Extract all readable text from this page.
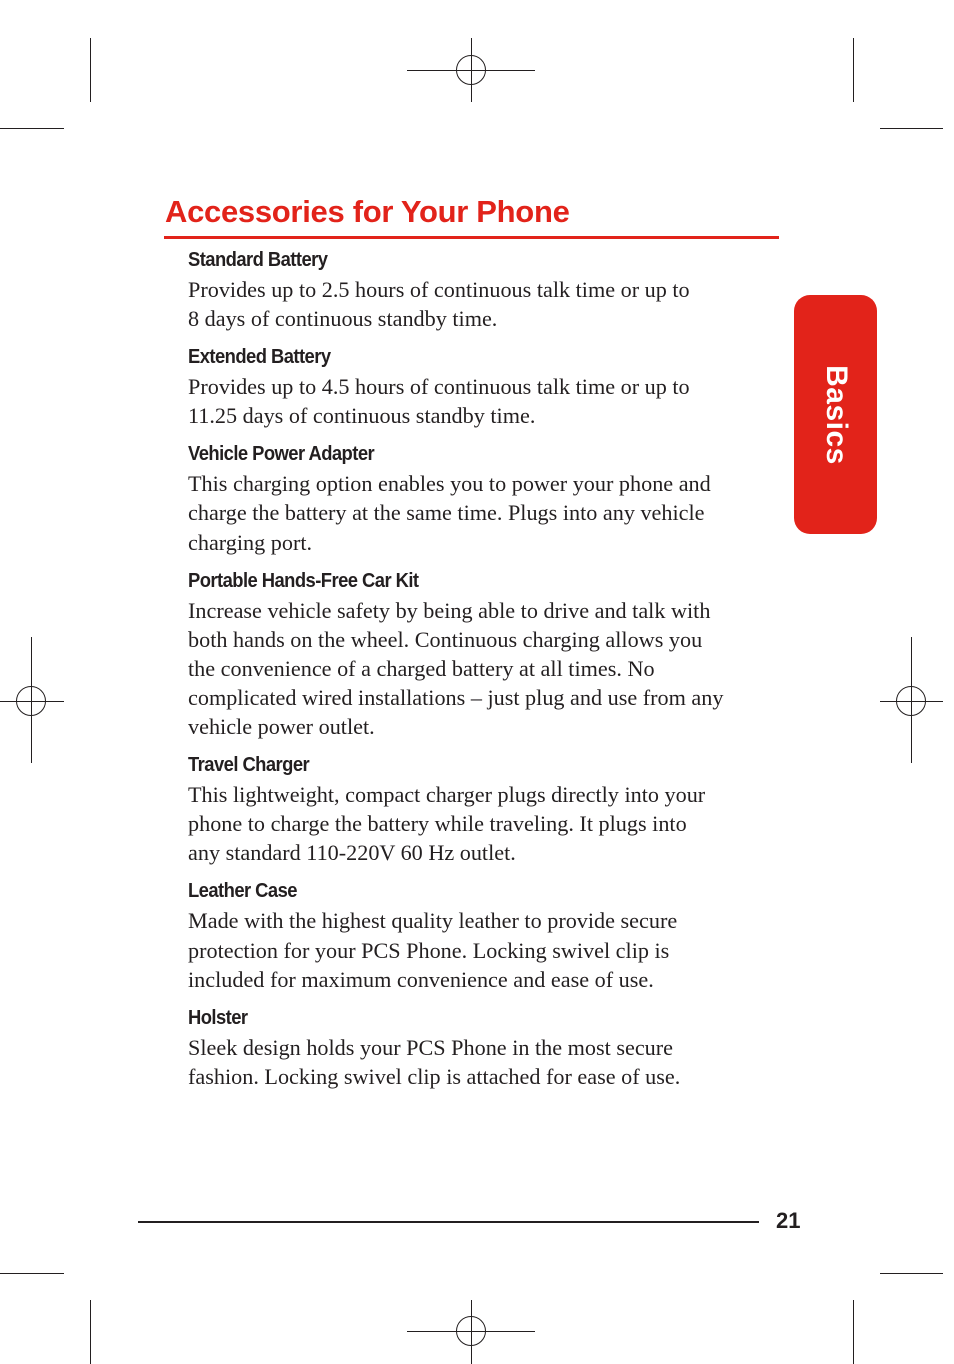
Accessories for Your Phone
Basics
Standard Battery
Provides up to 2.5 hours of continuous talk time or up to
8 days of continuous standby time.
Extended Battery
Provides up to 4.5 hours of continuous talk time or up to
11.25 days of continuous standby time.
Vehicle Power Adapter
This charging option enables you to power your phone and
charge the battery at the same time. Plugs into any vehicle
charging port.
Portable Hands-Free Car Kit
Increase vehicle safety by being able to drive and talk with
both hands on the wheel. Continuous charging allows you
the convenience of a charged battery at all times. No
complicated wired installations – just plug and use from any
vehicle power outlet.
Travel Charger
This lightweight, compact charger plugs directly into your
phone to charge the battery while traveling. It plugs into
any standard 110-220V 60 Hz outlet.
Leather Case
Made with the highest quality leather to provide secure
protection for your PCS Phone. Locking swivel clip is
included for maximum convenience and ease of use.
Holster
Sleek design holds your PCS Phone in the most secure
fashion. Locking swivel clip is attached for ease of use.
21
